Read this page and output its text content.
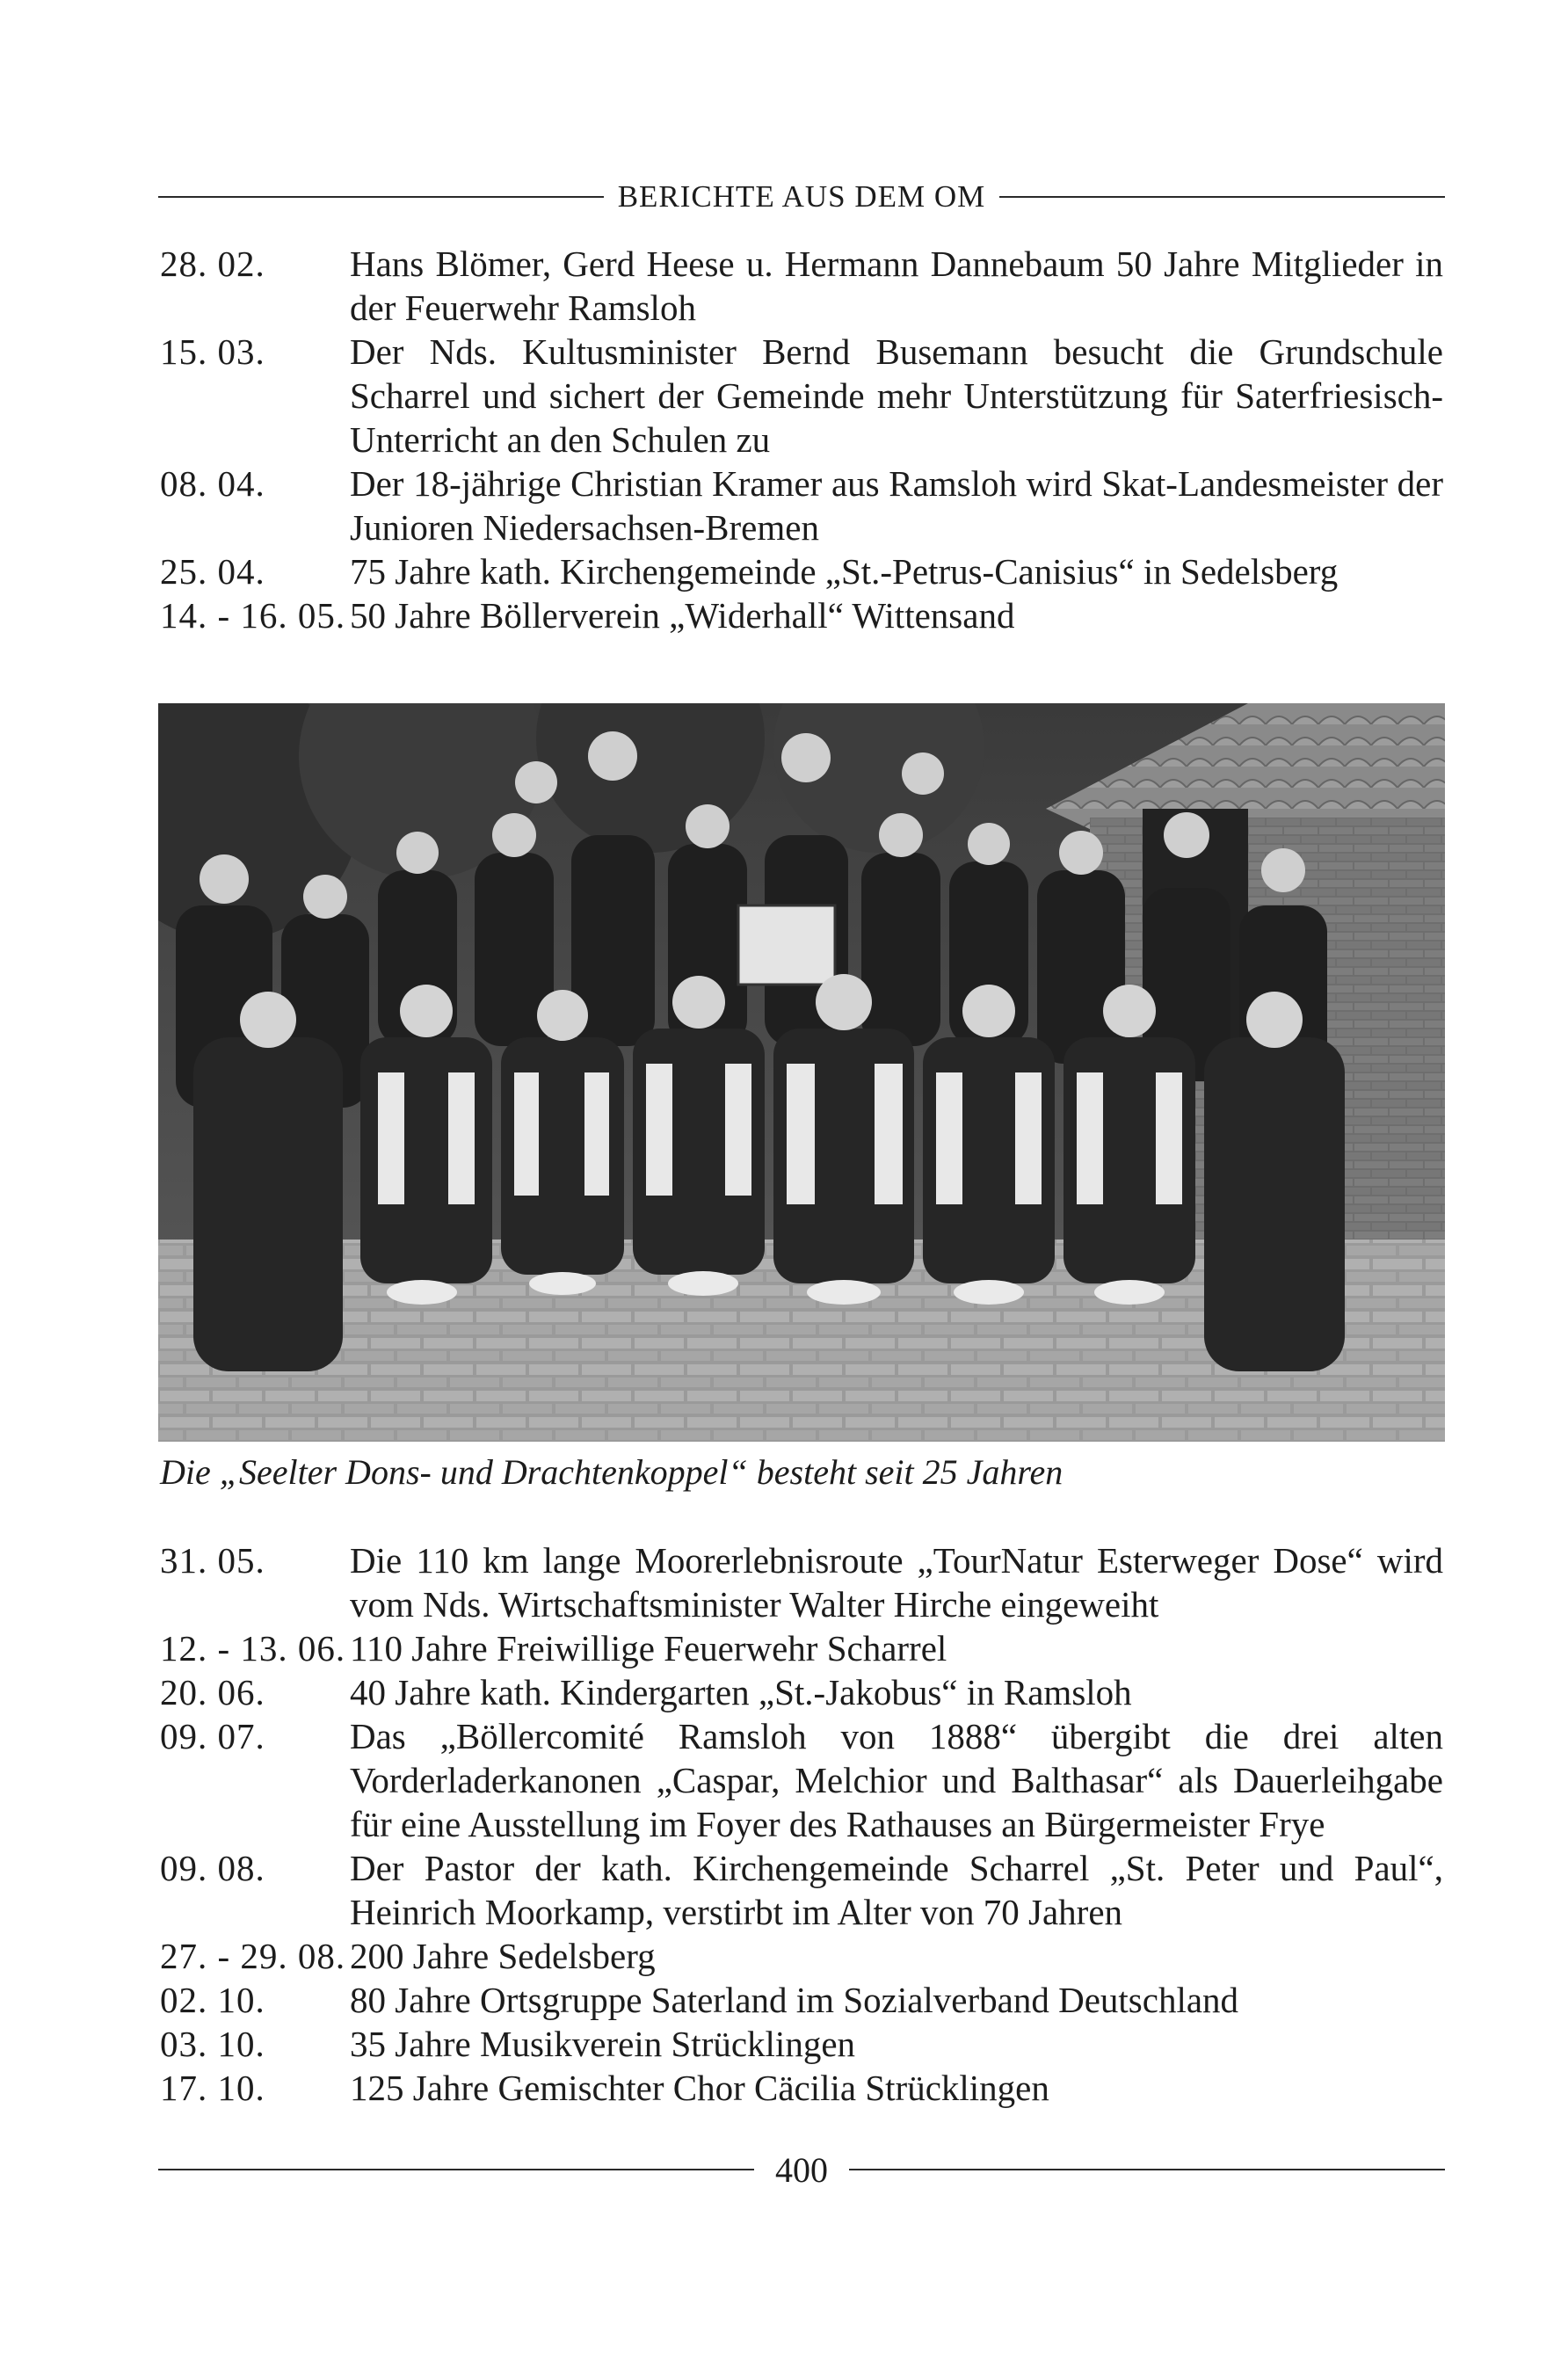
BERICHTE AUS DEM OM
28. 02.	Hans Blömer, Gerd Heese u. Hermann Dannebaum 50 Jahre Mitglieder in der Feuerwehr Ramsloh
15. 03.	Der Nds. Kultusminister Bernd Busemann besucht die Grundschule Scharrel und sichert der Gemeinde mehr Unterstützung für Saterfriesisch-Unterricht an den Schulen zu
08. 04.	Der 18-jährige Christian Kramer aus Ramsloh wird Skat-Landesmeister der Junioren Niedersachsen-Bremen
25. 04.	75 Jahre kath. Kirchengemeinde „St.-Petrus-Canisius“ in Sedelsberg
14. - 16. 05. 50 Jahre Böllerverein „Widerhall“ Wittensand
Die „Seelter Dons- und Drachtenkoppel“ besteht seit 25 Jahren
31. 05.	Die 110 km lange Moorerlebnisroute „TourNatur Esterweger Dose“ wird vom Nds. Wirtschaftsminister Walter Hirche eingeweiht
12. - 13. 06. 110 Jahre Freiwillige Feuerwehr Scharrel
20. 06.	40 Jahre kath. Kindergarten „St.-Jakobus“ in Ramsloh
09. 07.	Das „Böllercomité Ramsloh von 1888“ übergibt die drei alten Vorderladerkanonen „Caspar, Melchior und Balthasar“ als Dauerleihgabe für eine Ausstellung im Foyer des Rathauses an Bürgermeister Frye
09. 08.	Der Pastor der kath. Kirchengemeinde Scharrel „St. Peter und Paul“, Heinrich Moorkamp, verstirbt im Alter von 70 Jahren
27. - 29. 08. 200 Jahre Sedelsberg
02. 10.	80 Jahre Ortsgruppe Saterland im Sozialverband Deutschland
03. 10.	35 Jahre Musikverein Strücklingen
17. 10.	125 Jahre Gemischter Chor Cäcilia Strücklingen
400
